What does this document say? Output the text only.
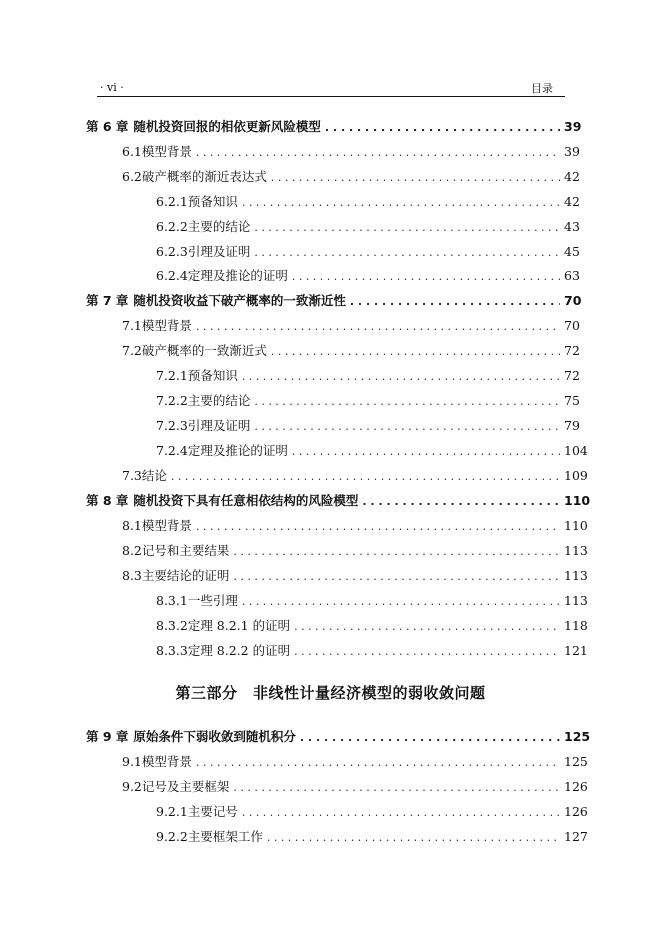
· vi ·	目录
第 6 章 随机投资回报的相依更新风险模型 . . .	39
6.1 模型背景 . . .	39
6.2 破产概率的渐近表达式 . . .	42
6.2.1 预备知识 . . .	42
6.2.2 主要的结论 . . .	43
6.2.3 引理及证明 . . .	45
6.2.4 定理及推论的证明 . . .	63
第 7 章 随机投资收益下破产概率的一致渐近性 . . .	70
7.1 模型背景 . . .	70
7.2 破产概率的一致渐近式 . . .	72
7.2.1 预备知识 . . .	72
7.2.2 主要的结论 . . .	75
7.2.3 引理及证明 . . .	79
7.2.4 定理及推论的证明 . . .	104
7.3 结论 . . .	109
第 8 章 随机投资下具有任意相依结构的风险模型 . . .	110
8.1 模型背景 . . .	110
8.2 记号和主要结果 . . .	113
8.3 主要结论的证明 . . .	113
8.3.1 一些引理 . . .	113
8.3.2 定理 8.2.1 的证明 . . .	118
8.3.3 定理 8.2.2 的证明 . . .	121
第三部分　非线性计量经济模型的弱收敛问题
第 9 章 原始条件下弱收敛到随机积分 . . .	125
9.1 模型背景 . . .	125
9.2 记号及主要框架 . . .	126
9.2.1 主要记号 . . .	126
9.2.2 主要框架工作 . . .	127
